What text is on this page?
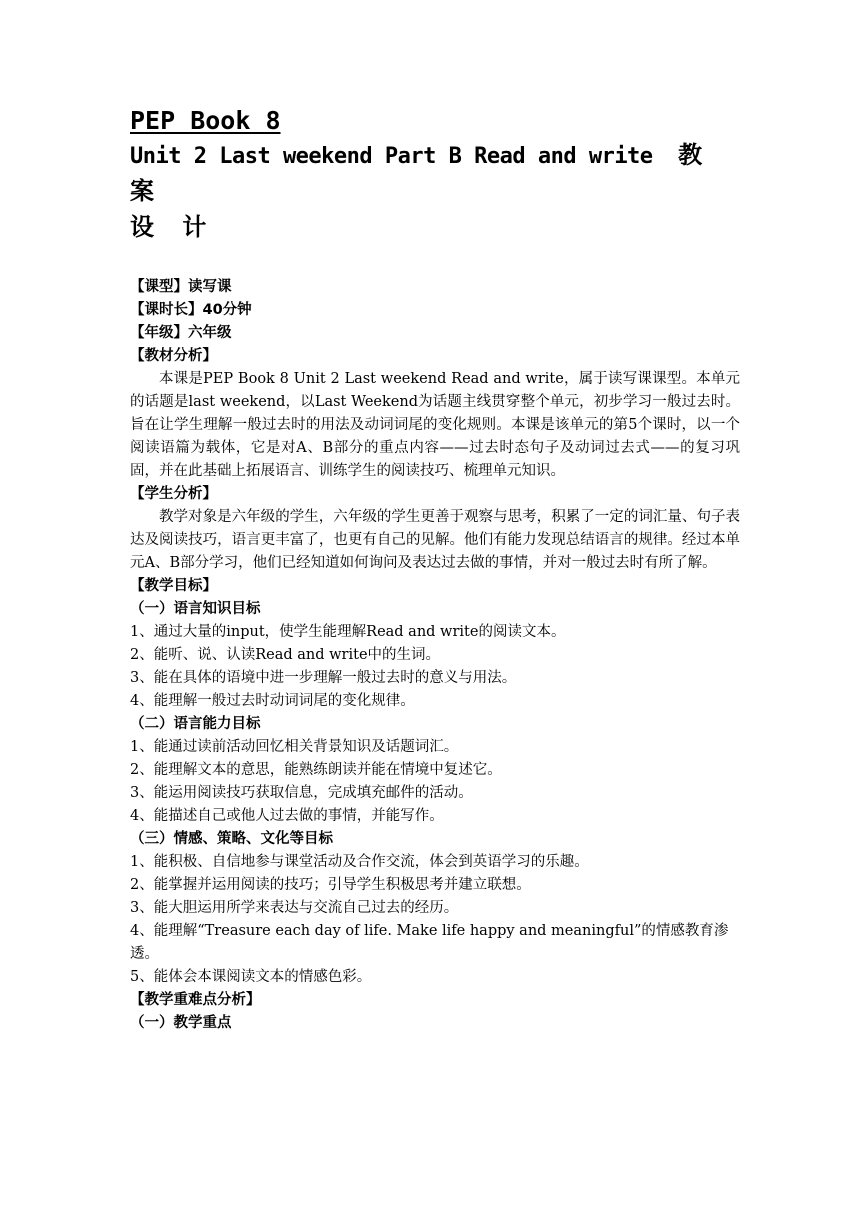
PEP Book 8

Unit 2 Last weekend Part B Read and write 教 案

设 计

【课型】读写课

【课时长】40分钟

【年级】六年级

【教材分析】

本课是PEP Book 8 Unit 2 Last weekend Read and write，属于读写课课型。本单元的话题是last weekend，以Last Weekend为话题主线贯穿整个单元，初步学习一般过去时。旨在让学生理解一般过去时的用法及动词词尾的变化规则。本课是该单元的第5个课时，以一个阅读语篇为载体，它是对A、B部分的重点内容——过去时态句子及动词过去式——的复习巩固，并在此基础上拓展语言、训练学生的阅读技巧、梳理单元知识。

【学生分析】

教学对象是六年级的学生，六年级的学生更善于观察与思考，积累了一定的词汇量、句子表达及阅读技巧，语言更丰富了，也更有自己的见解。他们有能力发现总结语言的规律。经过本单元A、B部分学习，他们已经知道如何询问及表达过去做的事情，并对一般过去时有所了解。

【教学目标】

（一）语言知识目标

1、通过大量的input，使学生能理解Read and write的阅读文本。

2、能听、说、认读Read and write中的生词。

3、能在具体的语境中进一步理解一般过去时的意义与用法。

4、能理解一般过去时动词词尾的变化规律。

（二）语言能力目标

1、能通过读前活动回忆相关背景知识及话题词汇。

2、能理解文本的意思，能熟练朗读并能在情境中复述它。

3、能运用阅读技巧获取信息，完成填充邮件的活动。

4、能描述自己或他人过去做的事情，并能写作。

（三）情感、策略、文化等目标

1、能积极、自信地参与课堂活动及合作交流，体会到英语学习的乐趣。

2、能掌握并运用阅读的技巧；引导学生积极思考并建立联想。

3、能大胆运用所学来表达与交流自己过去的经历。

4、能理解“Treasure each day of life. Make life happy and meaningful”的情感教育渗透。

5、能体会本课阅读文本的情感色彩。

【教学重难点分析】

（一）教学重点
